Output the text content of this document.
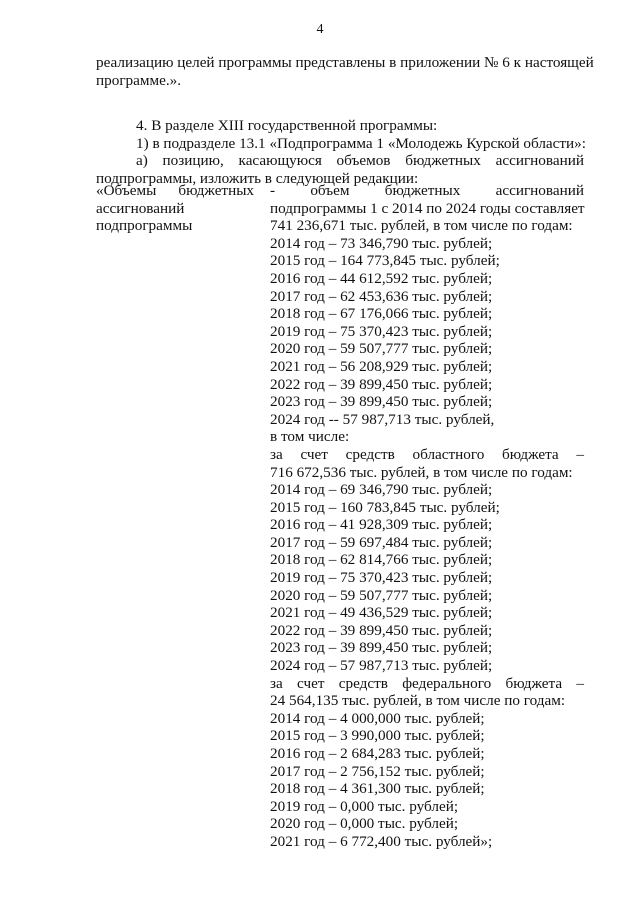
4
реализацию целей программы представлены в приложении № 6 к настоящей
программе.».
4. В разделе XIII государственной программы:
1) в подразделе 13.1 «Подпрограмма 1 «Молодежь Курской области»:
а) позицию, касающуюся объемов бюджетных ассигнований
подпрограммы, изложить в следующей редакции:
«Объемы бюджетных
ассигнований
подпрограммы
- объем бюджетных ассигнований
подпрограммы 1 с 2014 по 2024 годы составляет
741 236,671 тыс. рублей, в том числе по годам:
2014 год – 73 346,790 тыс. рублей;
2015 год – 164 773,845 тыс. рублей;
2016 год – 44 612,592 тыс. рублей;
2017 год – 62 453,636 тыс. рублей;
2018 год – 67 176,066 тыс. рублей;
2019 год – 75 370,423 тыс. рублей;
2020 год – 59 507,777 тыс. рублей;
2021 год – 56 208,929 тыс. рублей;
2022 год – 39 899,450 тыс. рублей;
2023 год – 39 899,450 тыс. рублей;
2024 год -- 57 987,713 тыс. рублей,
в том числе:
за счет средств областного бюджета –
716 672,536 тыс. рублей, в том числе по годам:
2014 год – 69 346,790 тыс. рублей;
2015 год – 160 783,845 тыс. рублей;
2016 год – 41 928,309 тыс. рублей;
2017 год – 59 697,484 тыс. рублей;
2018 год – 62 814,766 тыс. рублей;
2019 год – 75 370,423 тыс. рублей;
2020 год – 59 507,777 тыс. рублей;
2021 год – 49 436,529 тыс. рублей;
2022 год – 39 899,450 тыс. рублей;
2023 год – 39 899,450 тыс. рублей;
2024 год – 57 987,713 тыс. рублей;
за счет средств федерального бюджета –
24 564,135 тыс. рублей, в том числе по годам:
2014 год – 4 000,000 тыс. рублей;
2015 год – 3 990,000 тыс. рублей;
2016 год – 2 684,283 тыс. рублей;
2017 год – 2 756,152 тыс. рублей;
2018 год – 4 361,300 тыс. рублей;
2019 год – 0,000 тыс. рублей;
2020 год – 0,000 тыс. рублей;
2021 год – 6 772,400 тыс. рублей»;
